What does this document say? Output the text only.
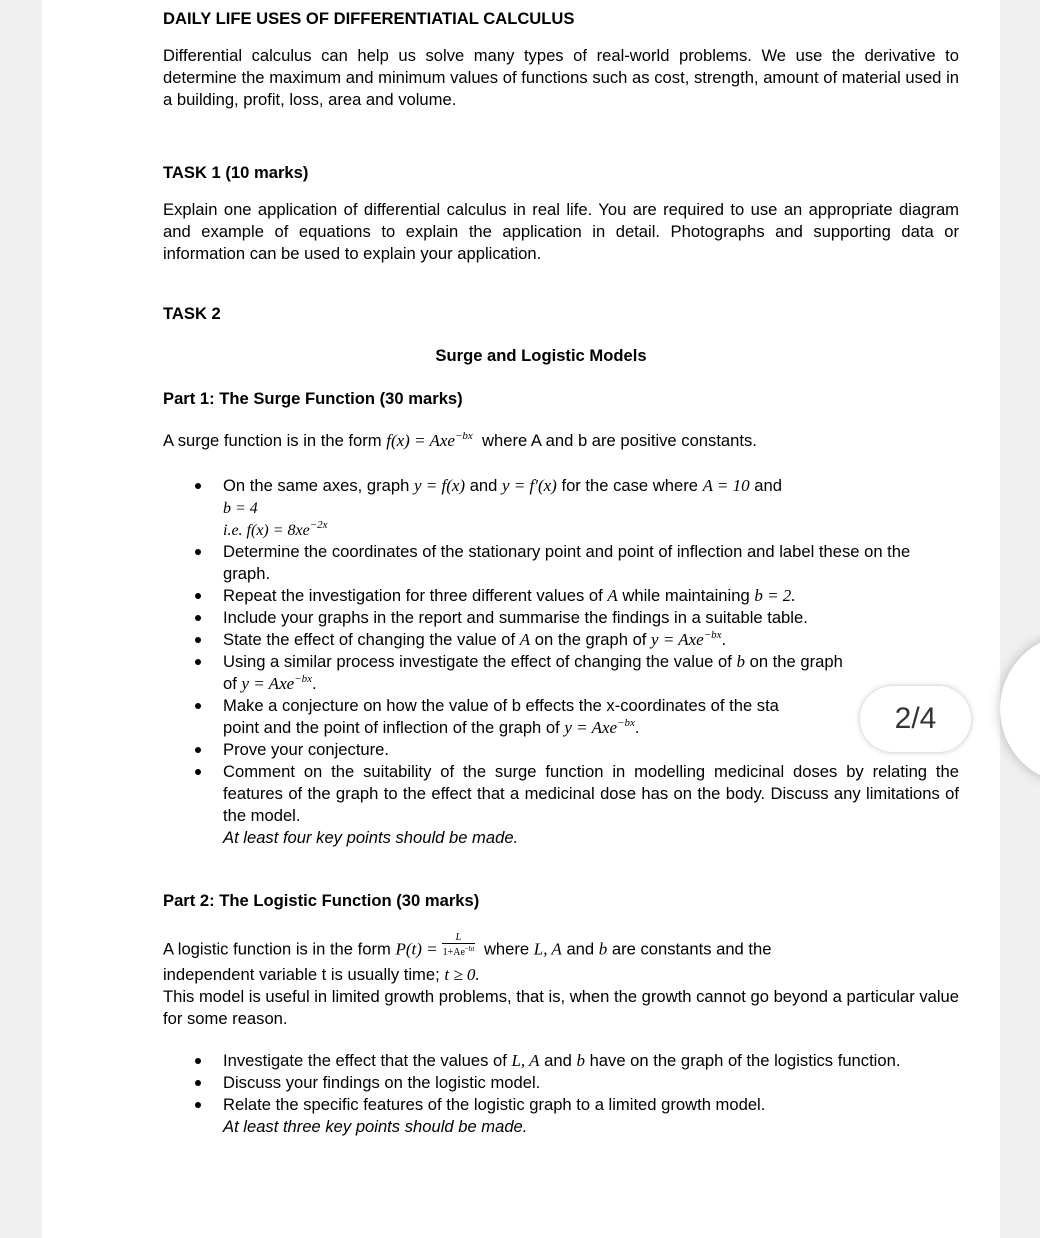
DAILY LIFE USES OF DIFFERENTIATIAL CALCULUS
Differential calculus can help us solve many types of real-world problems. We use the derivative to determine the maximum and minimum values of functions such as cost, strength, amount of material used in a building, profit, loss, area and volume.
TASK 1 (10 marks)
Explain one application of differential calculus in real life. You are required to use an appropriate diagram and example of equations to explain the application in detail. Photographs and supporting data or information can be used to explain your application.
TASK 2
Surge and Logistic Models
Part 1: The Surge Function (30 marks)
A surge function is in the form f(x) = Axe$^{-bx}$ where A and b are positive constants.
On the same axes, graph y = f(x) and y = f′(x) for the case where A = 10 and
b = 4
i.e. $f(x) = 8xe^{-2x}$
Determine the coordinates of the stationary point and point of inflection and label these on the graph.
Repeat the investigation for three different values of A while maintaining b = 2.
Include your graphs in the report and summarise the findings in a suitable table.
State the effect of changing the value of A on the graph of y = Axe$^{-bx}$.
Using a similar process investigate the effect of changing the value of b on the graph
of y = Axe$^{-bx}$.
Make a conjecture on how the value of b effects the x-coordinates of the sta
point and the point of inflection of the graph of y = Axe$^{-bx}$.
Prove your conjecture.
Comment on the suitability of the surge function in modelling medicinal doses by relating the features of the graph to the effect that a medicinal dose has on the body. Discuss any limitations of the model.
At least four key points should be made.
Part 2: The Logistic Function (30 marks)
A logistic function is in the form $P(t) = \frac{L}{1+Ae^{-bt}}$ where L, A and b are constants and the
independent variable t is usually time; t ≥ 0.
This model is useful in limited growth problems, that is, when the growth cannot go beyond a particular value for some reason.
Investigate the effect that the values of L, A and b have on the graph of the logistics function.
Discuss your findings on the logistic model.
Relate the specific features of the logistic graph to a limited growth model.
At least three key points should be made.
2/4
